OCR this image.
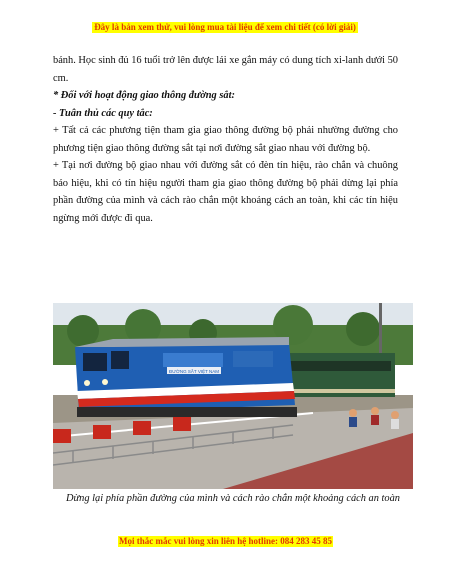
Đây là bản xem thử, vui lòng mua tài liệu để xem chi tiết (có lời giải)

bánh. Học sinh đủ 16 tuổi trở lên được lái xe gắn máy có dung tích xi-lanh dưới 50 cm.

* Đối với hoạt động giao thông đường sắt:

- Tuân thủ các quy tắc:

+ Tất cả các phương tiện tham gia giao thông đường bộ phải nhường đường cho phương tiện giao thông đường sắt tại nơi đường sắt giao nhau với đường bộ.

+ Tại nơi đường bộ giao nhau với đường sắt có đèn tín hiệu, rào chắn và chuông báo hiệu, khi có tín hiệu người tham gia giao thông đường bộ phải dừng lại phía phần đường của mình và cách rào chắn một khoảng cách an toàn, khi các tín hiệu ngừng mới được đi qua.

ĐƯỜNG SẮT VIỆT NAM
Dừng lại phía phần đường của mình và cách rào chắn một khoảng cách an toàn
Mọi thắc mắc vui lòng xin liên hệ hotline: 084 283 45 85
